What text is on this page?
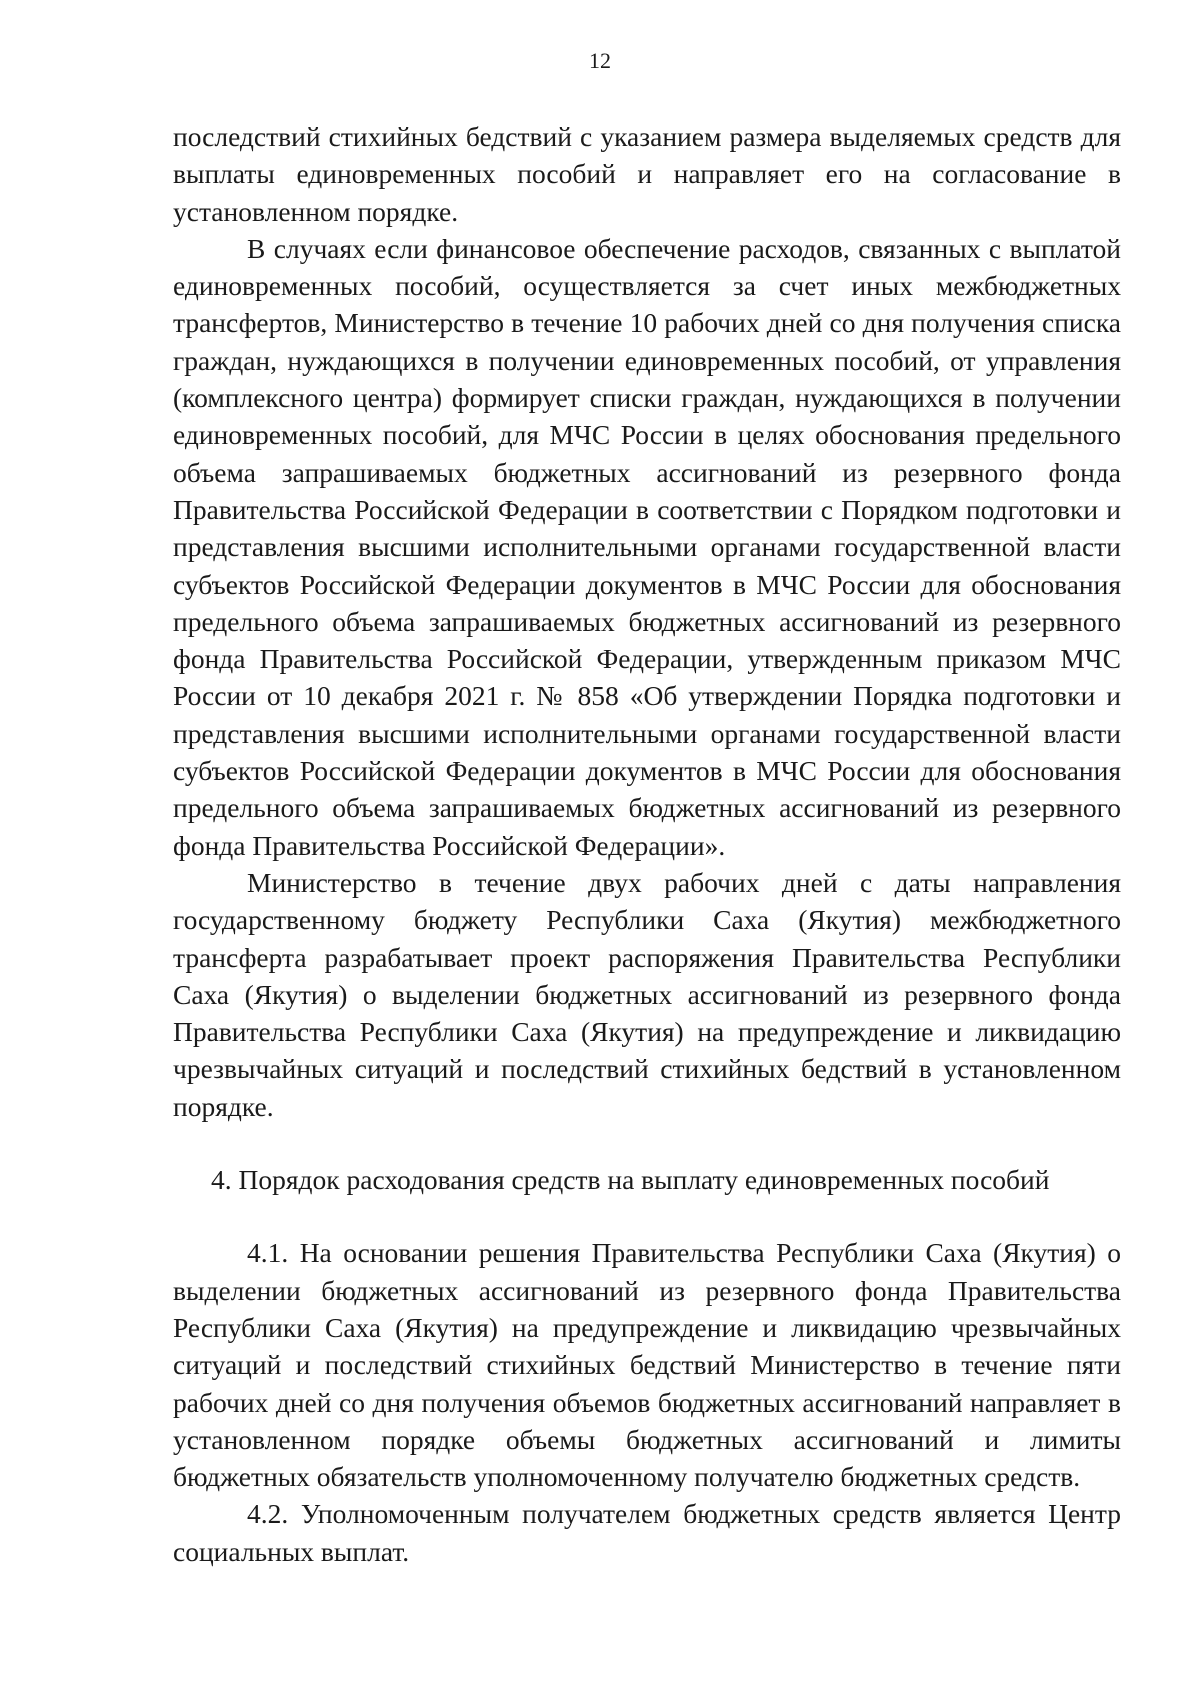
12

последствий стихийных бедствий с указанием размера выделяемых средств для выплаты единовременных пособий и направляет его на согласование в установленном порядке.

В случаях если финансовое обеспечение расходов, связанных с выплатой единовременных пособий, осуществляется за счет иных межбюджетных трансфертов, Министерство в течение 10 рабочих дней со дня получения списка граждан, нуждающихся в получении единовременных пособий, от управления (комплексного центра) формирует списки граждан, нуждающихся в получении единовременных пособий, для МЧС России в целях обоснования предельного объема запрашиваемых бюджетных ассигнований из резервного фонда Правительства Российской Федерации в соответствии с Порядком подготовки и представления высшими исполнительными органами государственной власти субъектов Российской Федерации документов в МЧС России для обоснования предельного объема запрашиваемых бюджетных ассигнований из резервного фонда Правительства Российской Федерации, утвержденным приказом МЧС России от 10 декабря 2021 г. № 858 «Об утверждении Порядка подготовки и представления высшими исполнительными органами государственной власти субъектов Российской Федерации документов в МЧС России для обоснования предельного объема запрашиваемых бюджетных ассигнований из резервного фонда Правительства Российской Федерации».

Министерство в течение двух рабочих дней с даты направления государственному бюджету Республики Саха (Якутия) межбюджетного трансферта разрабатывает проект распоряжения Правительства Республики Саха (Якутия) о выделении бюджетных ассигнований из резервного фонда Правительства Республики Саха (Якутия) на предупреждение и ликвидацию чрезвычайных ситуаций и последствий стихийных бедствий в установленном порядке.

4. Порядок расходования средств на выплату единовременных пособий

4.1. На основании решения Правительства Республики Саха (Якутия) о выделении бюджетных ассигнований из резервного фонда Правительства Республики Саха (Якутия) на предупреждение и ликвидацию чрезвычайных ситуаций и последствий стихийных бедствий Министерство в течение пяти рабочих дней со дня получения объемов бюджетных ассигнований направляет в установленном порядке объемы бюджетных ассигнований и лимиты бюджетных обязательств уполномоченному получателю бюджетных средств.

4.2. Уполномоченным получателем бюджетных средств является Центр социальных выплат.
